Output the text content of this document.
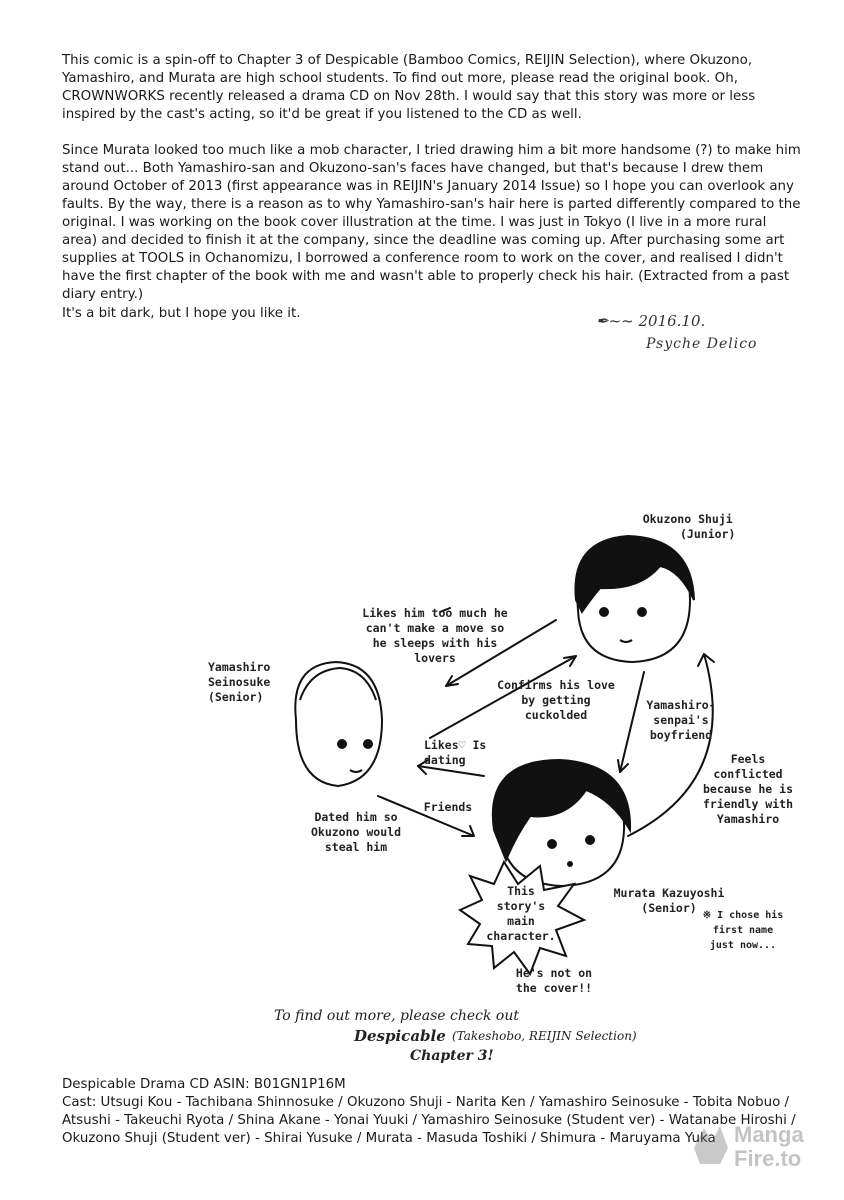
This comic is a spin-off to Chapter 3 of Despicable (Bamboo Comics, REIJIN Selection), where Okuzono, Yamashiro, and Murata are high school students. To find out more, please read the original book. Oh, CROWNWORKS recently released a drama CD on Nov 28th. I would say that this story was more or less inspired by the cast's acting, so it'd be great if you listened to the CD as well.

Since Murata looked too much like a mob character, I tried drawing him a bit more handsome (?) to make him stand out... Both Yamashiro-san and Okuzono-san's faces have changed, but that's because I drew them around October of 2013 (first appearance was in REIJIN's January 2014 Issue) so I hope you can overlook any faults. By the way, there is a reason as to why Yamashiro-san's hair here is parted differently compared to the original. I was working on the book cover illustration at the time. I was just in Tokyo (I live in a more rural area) and decided to finish it at the company, since the deadline was coming up. After purchasing some art supplies at TOOLS in Ochanomizu, I borrowed a conference room to work on the cover, and realised I didn't have the first chapter of the book with me and wasn't able to properly check his hair. (Extracted from a past diary entry.)

It's a bit dark, but I hope you like it.	✒~~ 2016.10.
Psyche Delico
Okuzono Shuji
(Junior)
Yamashiro Seinosuke
(Senior)
Murata Kazuyoshi
(Senior)
Likes him too much he can't make a move so he sleeps with his lovers
Confirms his love by getting cuckolded
Yamashiro-senpai's boyfriend
Feels conflicted because he is friendly with Yamashiro
Likes♡ Is dating
Friends
Dated him so Okuzono would steal him
This story's main character.
※ I chose his first name just now...
He's not on the cover!!
To find out more, please check out
Despicable (Takeshobo, REIJIN Selection)
Chapter 3!
Despicable Drama CD ASIN: B01GN1P16M
Cast: Utsugi Kou - Tachibana Shinnosuke / Okuzono Shuji - Narita Ken / Yamashiro Seinosuke - Tobita Nobuo /
Atsushi - Takeuchi Ryota / Shina Akane - Yonai Yuuki / Yamashiro Seinosuke (Student ver) - Watanabe Hiroshi /
Okuzono Shuji (Student ver) - Shirai Yusuke / Murata - Masuda Toshiki / Shimura - Maruyama Yuka Manga
Fire.to
